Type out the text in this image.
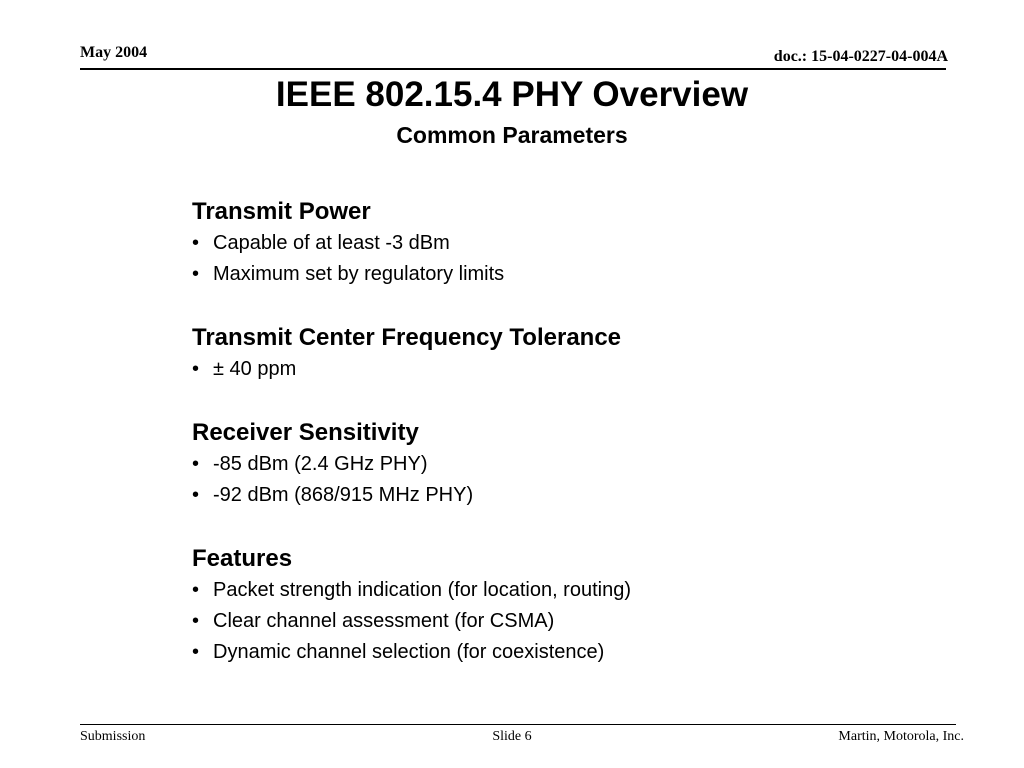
May 2004	doc.: 15-04-0227-04-004A
IEEE 802.15.4 PHY Overview
Common Parameters
Transmit Power
• Capable of at least -3 dBm
• Maximum set by regulatory limits
Transmit Center Frequency Tolerance
• ± 40 ppm
Receiver Sensitivity
• -85 dBm (2.4 GHz PHY)
• -92 dBm (868/915 MHz PHY)
Features
• Packet strength indication (for location, routing)
• Clear channel assessment (for CSMA)
• Dynamic channel selection (for coexistence)
Submission	Slide 6	Martin, Motorola, Inc.
